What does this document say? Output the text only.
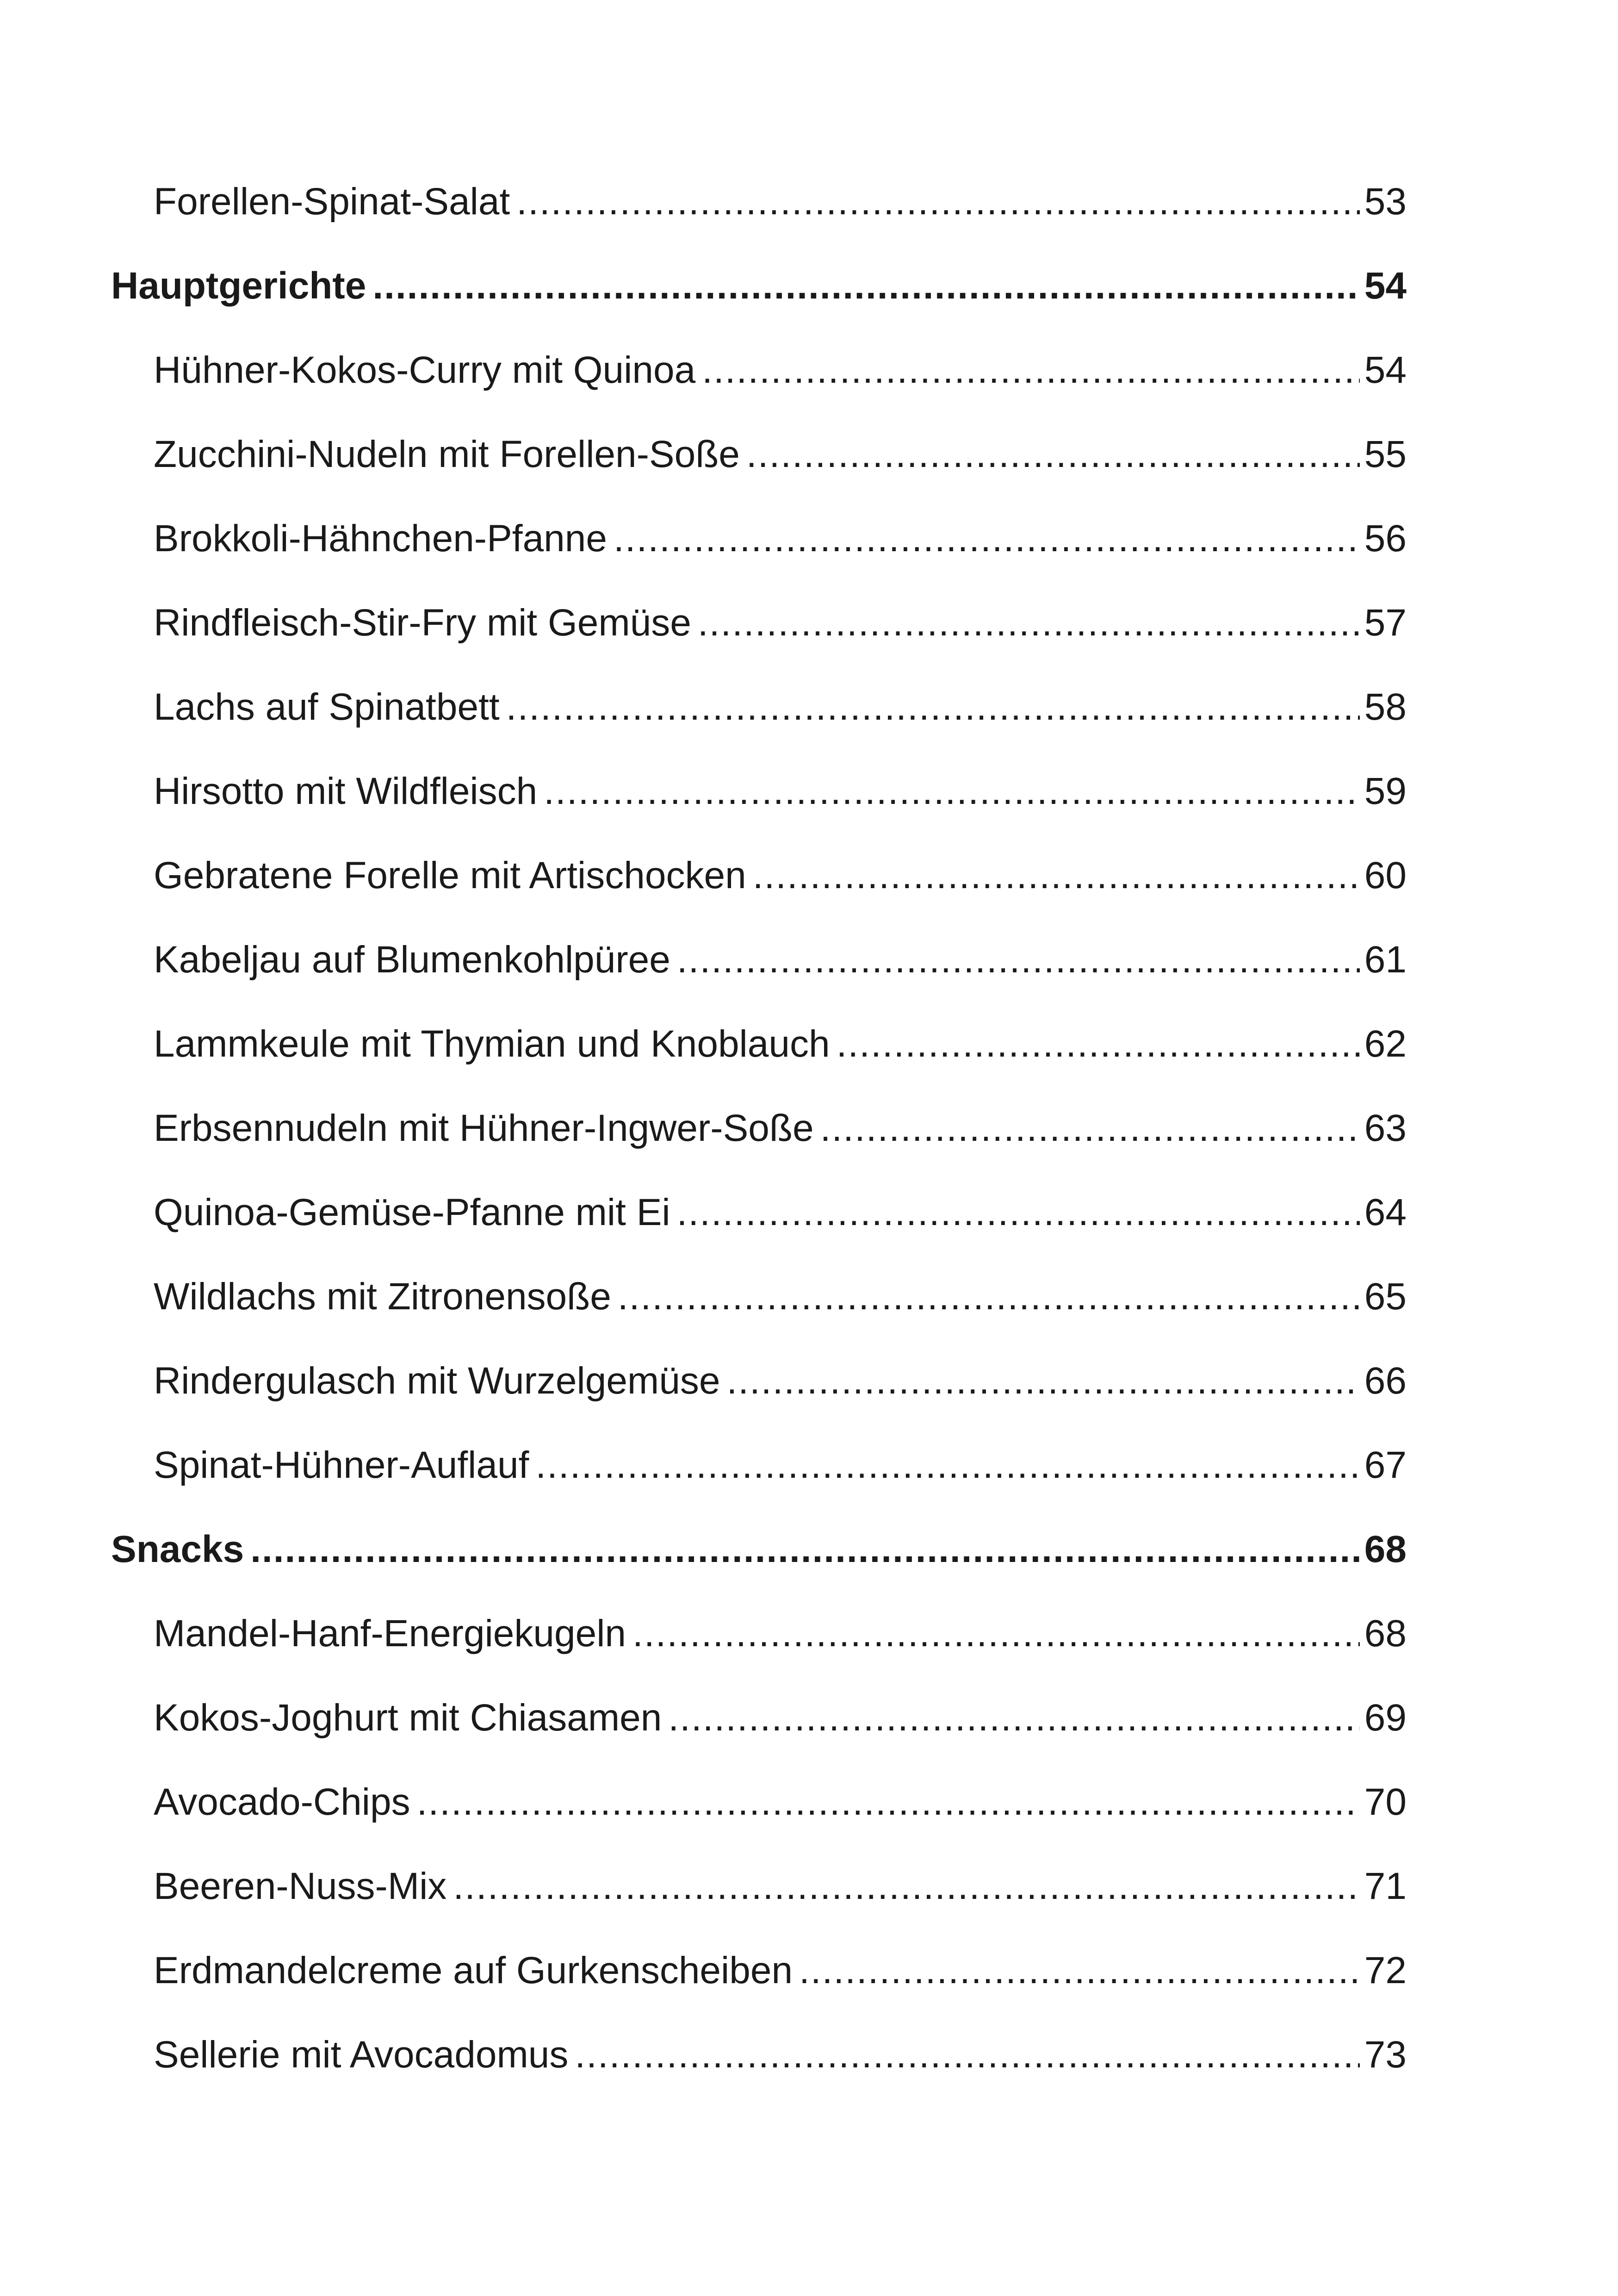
Forellen-Spinat-Salat .....	53
Hauptgerichte .....	54
Hühner-Kokos-Curry mit Quinoa .....	54
Zucchini-Nudeln mit Forellen-Soße .....	55
Brokkoli-Hähnchen-Pfanne .....	56
Rindfleisch-Stir-Fry mit Gemüse .....	57
Lachs auf Spinatbett .....	58
Hirsotto mit Wildfleisch .....	59
Gebratene Forelle mit Artischocken .....	60
Kabeljau auf Blumenkohlpüree .....	61
Lammkeule mit Thymian und Knoblauch .....	62
Erbsennudeln mit Hühner-Ingwer-Soße .....	63
Quinoa-Gemüse-Pfanne mit Ei .....	64
Wildlachs mit Zitronensoße .....	65
Rindergulasch mit Wurzelgemüse .....	66
Spinat-Hühner-Auflauf .....	67
Snacks .....	68
Mandel-Hanf-Energiekugeln .....	68
Kokos-Joghurt mit Chiasamen .....	69
Avocado-Chips .....	70
Beeren-Nuss-Mix .....	71
Erdmandelcreme auf Gurkenscheiben .....	72
Sellerie mit Avocadomus .....	73
